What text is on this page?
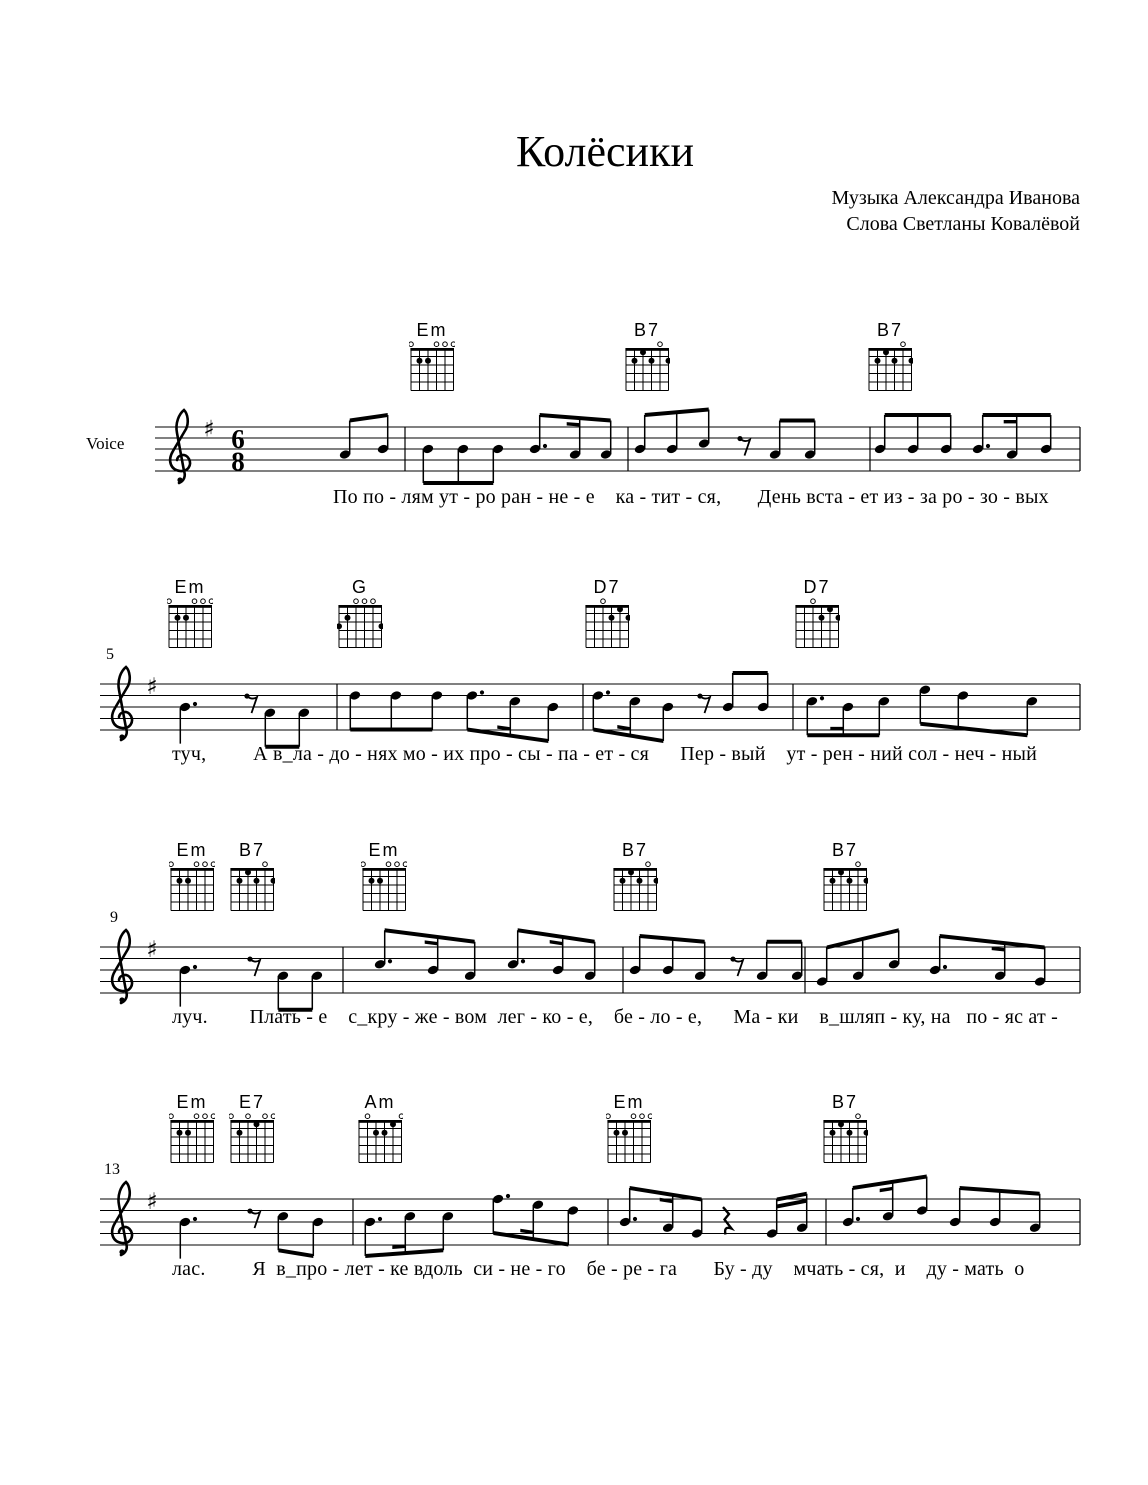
Колёсики
Музыка Александра Иванова
Слова Светланы Ковалёвой
Voice
♯ 6
8
По по - лям ут - ро ран - не - е    ка - тит - ся,       День вста - ет из - за ро - зо - вых
Em	B7	B7
♯
5
туч,         А в_ла - до - нях мо - их про - сы - па - ет - ся      Пер - вый    ут - рен - ний сол - неч - ный
Em	G	D7	D7
♯
9
луч.        Плать - е    с_кру - же - вом  лег - ко - е,    бе - ло - е,      Ма - ки    в_шляп - ку, на   по - яс ат -
Em	B7	Em	B7	B7
♯
13
лас.         Я  в_про - лет - ке вдоль  си - не - го    бе - ре - га       Бу - ду    мчать - ся,  и    ду - мать  о
Em	E7	Am	Em	B7
